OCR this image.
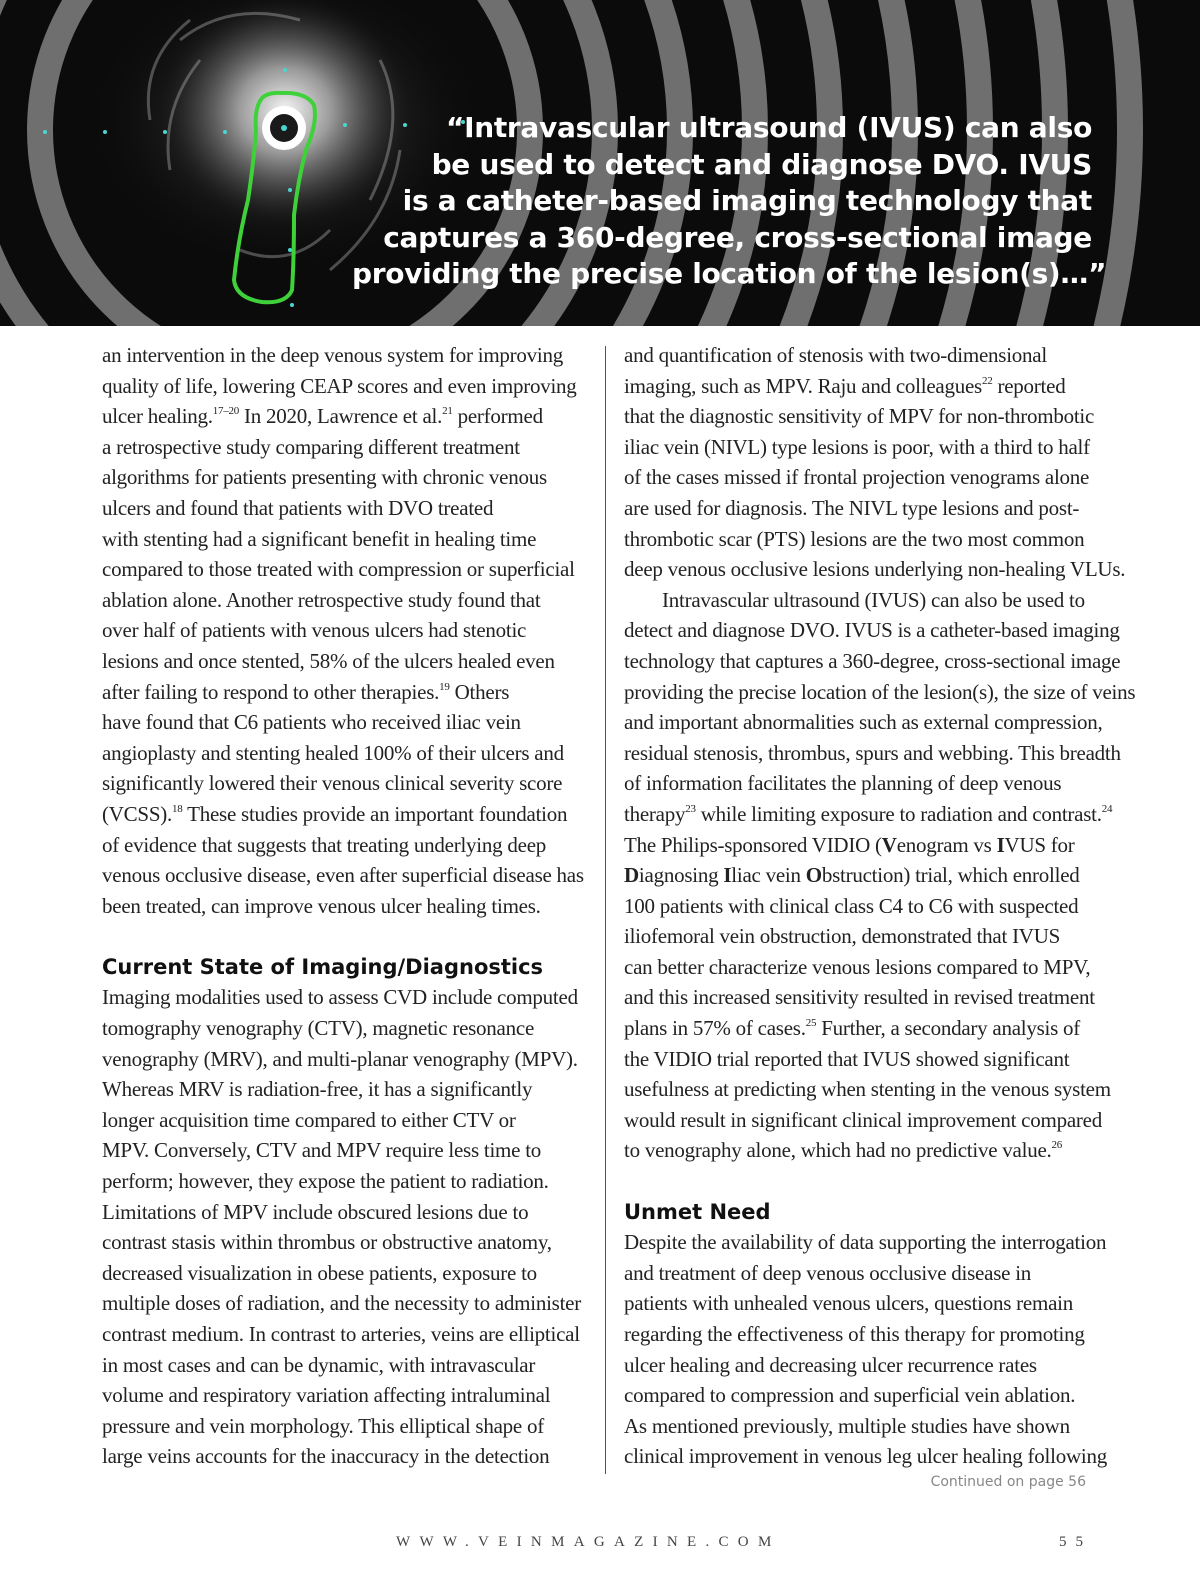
“Intravascular ultrasound (IVUS) can also
be used to detect and diagnose DVO. IVUS
is a catheter-based imaging technology that
captures a 360-degree, cross-sectional image
providing the precise location of the lesion(s)…”
an intervention in the deep venous system for improving
quality of life, lowering CEAP scores and even improving
ulcer healing.$^{17-20}$ In 2020, Lawrence et al.$^{21}$ performed
a retrospective study comparing different treatment
algorithms for patients presenting with chronic venous
ulcers and found that patients with DVO treated
with stenting had a significant benefit in healing time
compared to those treated with compression or superficial
ablation alone. Another retrospective study found that
over half of patients with venous ulcers had stenotic
lesions and once stented, 58% of the ulcers healed even
after failing to respond to other therapies.$^{19}$ Others
have found that C6 patients who received iliac vein
angioplasty and stenting healed 100% of their ulcers and
significantly lowered their venous clinical severity score
(VCSS).$^{18}$ These studies provide an important foundation
of evidence that suggests that treating underlying deep
venous occlusive disease, even after superficial disease has
been treated, can improve venous ulcer healing times.
Current State of Imaging/Diagnostics
Imaging modalities used to assess CVD include computed
tomography venography (CTV), magnetic resonance
venography (MRV), and multi-planar venography (MPV).
Whereas MRV is radiation-free, it has a significantly
longer acquisition time compared to either CTV or
MPV. Conversely, CTV and MPV require less time to
perform; however, they expose the patient to radiation.
Limitations of MPV include obscured lesions due to
contrast stasis within thrombus or obstructive anatomy,
decreased visualization in obese patients, exposure to
multiple doses of radiation, and the necessity to administer
contrast medium. In contrast to arteries, veins are elliptical
in most cases and can be dynamic, with intravascular
volume and respiratory variation affecting intraluminal
pressure and vein morphology. This elliptical shape of
large veins accounts for the inaccuracy in the detection
and quantification of stenosis with two-dimensional
imaging, such as MPV. Raju and colleagues$^{22}$ reported
that the diagnostic sensitivity of MPV for non-thrombotic
iliac vein (NIVL) type lesions is poor, with a third to half
of the cases missed if frontal projection venograms alone
are used for diagnosis. The NIVL type lesions and post-
thrombotic scar (PTS) lesions are the two most common
deep venous occlusive lesions underlying non-healing VLUs.
Intravascular ultrasound (IVUS) can also be used to
detect and diagnose DVO. IVUS is a catheter-based imaging
technology that captures a 360-degree, cross-sectional image
providing the precise location of the lesion(s), the size of veins
and important abnormalities such as external compression,
residual stenosis, thrombus, spurs and webbing. This breadth
of information facilitates the planning of deep venous
therapy$^{23}$ while limiting exposure to radiation and contrast.$^{24}$
The Philips-sponsored VIDIO (Venogram vs IVUS for
Diagnosing Iliac vein Obstruction) trial, which enrolled
100 patients with clinical class C4 to C6 with suspected
iliofemoral vein obstruction, demonstrated that IVUS
can better characterize venous lesions compared to MPV,
and this increased sensitivity resulted in revised treatment
plans in 57% of cases.$^{25}$ Further, a secondary analysis of
the VIDIO trial reported that IVUS showed significant
usefulness at predicting when stenting in the venous system
would result in significant clinical improvement compared
to venography alone, which had no predictive value.$^{26}$
Unmet Need
Despite the availability of data supporting the interrogation
and treatment of deep venous occlusive disease in
patients with unhealed venous ulcers, questions remain
regarding the effectiveness of this therapy for promoting
ulcer healing and decreasing ulcer recurrence rates
compared to compression and superficial vein ablation.
As mentioned previously, multiple studies have shown
clinical improvement in venous leg ulcer healing following
Continued on page 56
WWW.VEINMAGAZINE.COM	55
